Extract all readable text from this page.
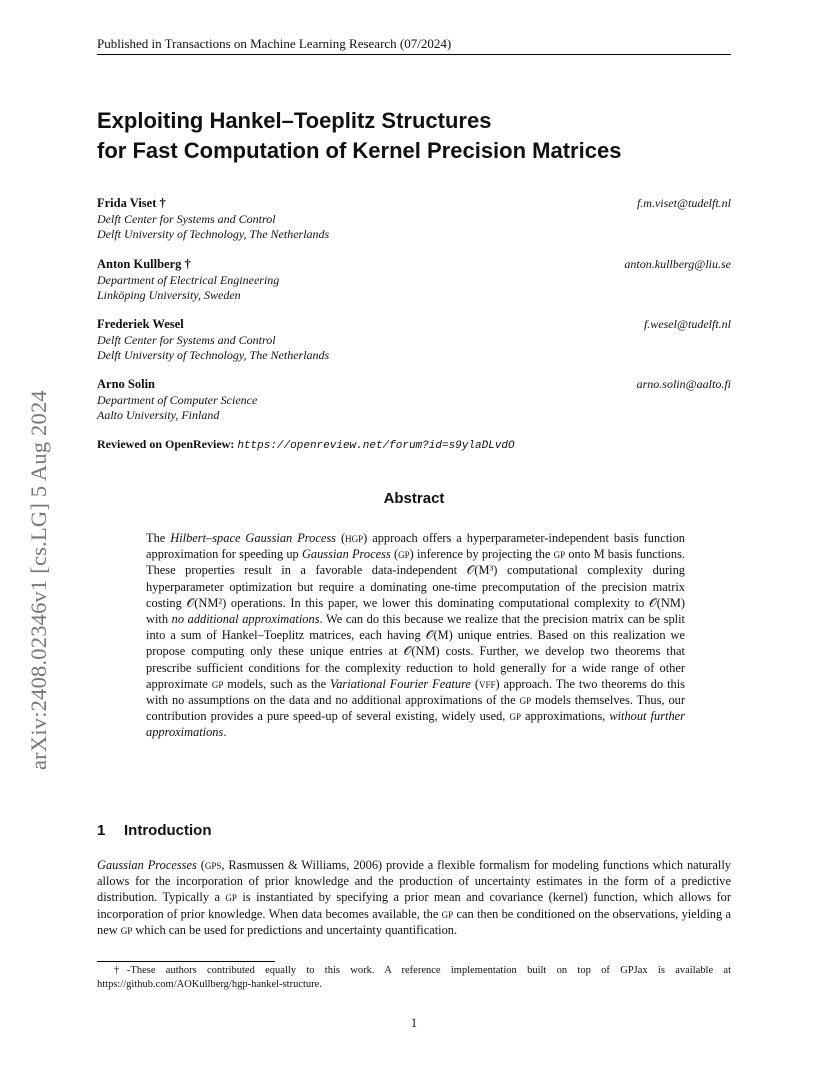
Published in Transactions on Machine Learning Research (07/2024)
arXiv:2408.02346v1 [cs.LG] 5 Aug 2024
Exploiting Hankel–Toeplitz Structures
for Fast Computation of Kernel Precision Matrices
Frida Viset †	f.m.viset@tudelft.nl
Delft Center for Systems and Control
Delft University of Technology, The Netherlands
Anton Kullberg †	anton.kullberg@liu.se
Department of Electrical Engineering
Linköping University, Sweden
Frederiek Wesel	f.wesel@tudelft.nl
Delft Center for Systems and Control
Delft University of Technology, The Netherlands
Arno Solin	arno.solin@aalto.fi
Department of Computer Science
Aalto University, Finland
Reviewed on OpenReview: https://openreview.net/forum?id=s9ylaDLvdO
Abstract
The Hilbert–space Gaussian Process (hgp) approach offers a hyperparameter-independent basis function approximation for speeding up Gaussian Process (gp) inference by projecting the gp onto M basis functions. These properties result in a favorable data-independent 𝒪(M³) computational complexity during hyperparameter optimization but require a dominating one-time precomputation of the precision matrix costing 𝒪(NM²) operations. In this paper, we lower this dominating computational complexity to 𝒪(NM) with no additional approximations. We can do this because we realize that the precision matrix can be split into a sum of Hankel–Toeplitz matrices, each having 𝒪(M) unique entries. Based on this realization we propose computing only these unique entries at 𝒪(NM) costs. Further, we develop two theorems that prescribe sufficient conditions for the complexity reduction to hold generally for a wide range of other approximate gp models, such as the Variational Fourier Feature (vff) approach. The two theorems do this with no assumptions on the data and no additional approximations of the gp models themselves. Thus, our contribution provides a pure speed-up of several existing, widely used, gp approximations, without further approximations.
1 Introduction
Gaussian Processes (gps, Rasmussen & Williams, 2006) provide a flexible formalism for modeling functions which naturally allows for the incorporation of prior knowledge and the production of uncertainty estimates in the form of a predictive distribution. Typically a gp is instantiated by specifying a prior mean and covariance (kernel) function, which allows for incorporation of prior knowledge. When data becomes available, the gp can then be conditioned on the observations, yielding a new gp which can be used for predictions and uncertainty quantification.
†-These authors contributed equally to this work. A reference implementation built on top of GPJax is available at https://github.com/AOKullberg/hgp-hankel-structure.
1
